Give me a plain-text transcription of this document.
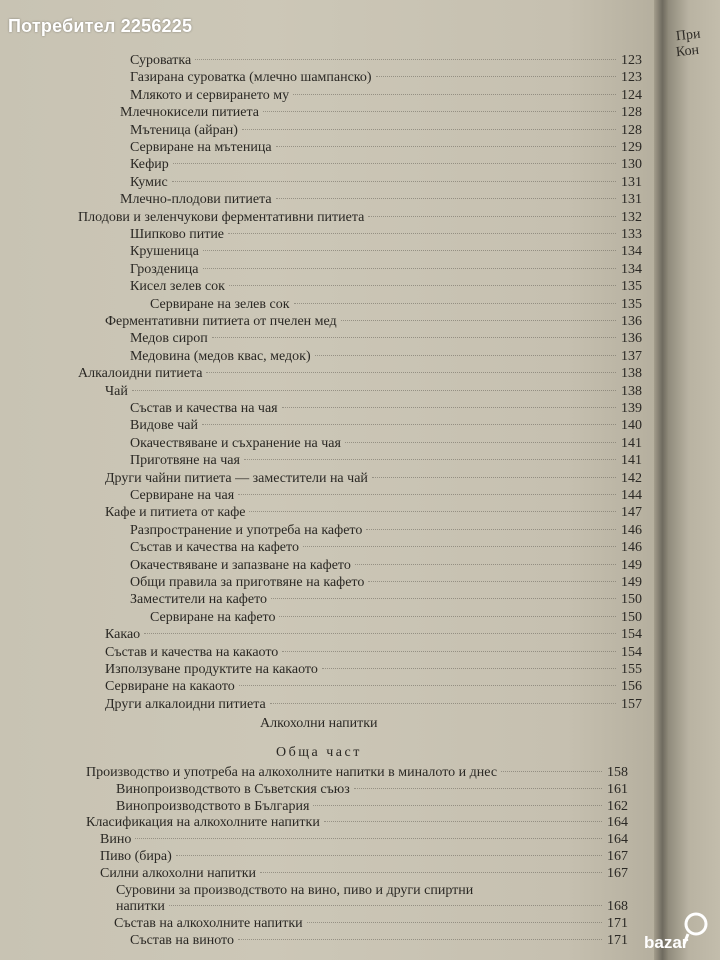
При
Кон
Потребител 2256225
Суроватка	123
Газирана суроватка (млечно шампанско)	123
Млякото и сервирането му	124
Млечнокисели питиета	128
Мътеница (айран)	128
Сервиране на мътеница	129
Кефир	130
Кумис	131
Млечно-плодови питиета	131
Плодови и зеленчукови ферментативни питиета	132
Шипково питие	133
Крушеница	134
Грозденица	134
Кисел зелев сок	135
Сервиране на зелев сок	135
Ферментативни питиета от пчелен мед	136
Медов сироп	136
Медовина (медов квас, медок)	137
Алкалоидни питиета	138
Чай	138
Състав и качества на чая	139
Видове чай	140
Окачествяване и съхранение на чая	141
Приготвяне на чая	141
Други чайни питиета — заместители на чай	142
Сервиране на чая	144
Кафе и питиета от кафе	147
Разпространение и употреба на кафето	146
Състав и качества на кафето	146
Окачествяване и запазване на кафето	149
Общи правила за приготвяне на кафето	149
Заместители на кафето	150
Сервиране на кафето	150
Какао	154
Състав и качества на какаото	154
Използуване продуктите на какаото	155
Сервиране на какаото	156
Други алкалоидни питиета	157
Алкохолни напитки
Обща част
Производство и употреба на алкохолните напитки в миналото и днес	158
Винопроизводството в Съветския съюз	161
Винопроизводството в България	162
Класификация на алкохолните напитки	164
Вино	164
Пиво (бира)	167
Силни алкохолни напитки	167
Суровини за производството на вино, пиво и други спиртни
напитки	168
Състав на алкохолните напитки	171
Състав на виното	171 bazar
